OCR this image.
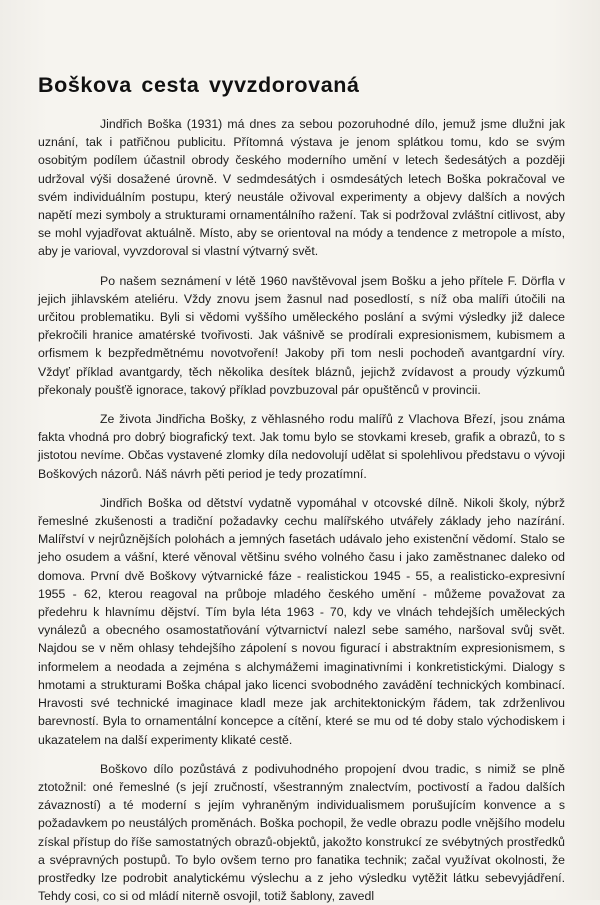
Boškova cesta vyvzdorovaná

Jindřich Boška (1931) má dnes za sebou pozoruhodné dílo, jemuž jsme dlužni jak uznání, tak i patřičnou publicitu. Přítomná výstava je jenom splátkou tomu, kdo se svým osobitým podílem účastnil obrody českého moderního umění v letech šedesátých a později udržoval výši dosažené úrovně. V sedmdesátých i osmdesátých letech Boška pokračoval ve svém individuálním postupu, který neustále oživoval experimenty a objevy dalších a nových napětí mezi symboly a strukturami ornamentálního ražení. Tak si podržoval zvláštní citlivost, aby se mohl vyjadřovat aktuálně. Místo, aby se orientoval na módy a tendence z metropole a místo, aby je varioval, vyvzdoroval si vlastní výtvarný svět.

Po našem seznámení v létě 1960 navštěvoval jsem Bošku a jeho přítele F. Dörfla v jejich jihlavském ateliéru. Vždy znovu jsem žasnul nad posedlostí, s níž oba malíři útočili na určitou problematiku. Byli si vědomi vyššího uměleckého poslání a svými výsledky již dalece překročili hranice amatérské tvořivosti. Jak vášnivě se prodírali expresionismem, kubismem a orfismem k bezpředmětnému novotvoření! Jakoby při tom nesli pochodeň avantgardní víry. Vždyť příklad avantgardy, těch několika desítek bláznů, jejichž zvídavost a proudy výzkumů překonaly poušťě ignorace, takový příklad povzbuzoval pár opuštěnců v provincii.

Ze života Jindřicha Bošky, z věhlasného rodu malířů z Vlachova Březí, jsou známa fakta vhodná pro dobrý biografický text. Jak tomu bylo se stovkami kreseb, grafik a obrazů, to s jistotou nevíme. Občas vystavené zlomky díla nedovolují udělat si spolehlivou představu o vývoji Boškových názorů. Náš návrh pěti period je tedy prozatímní.

Jindřich Boška od dětství vydatně vypomáhal v otcovské dílně. Nikoli školy, nýbrž řemeslné zkušenosti a tradiční požadavky cechu malířského utvářely základy jeho nazírání. Malířství v nejrůznějších polohách a jemných fasetách udávalo jeho existenční vědomí. Stalo se jeho osudem a vášní, které věnoval většinu svého volného času i jako zaměstnanec daleko od domova. První dvě Boškovy výtvarnické fáze - realistickou 1945 - 55, a realisticko-expresivní 1955 - 62, kterou reagoval na průboje mladého českého umění - můžeme považovat za předehru k hlavnímu dějství. Tím byla léta 1963 - 70, kdy ve vlnách tehdejších uměleckých vynálezů a obecného osamostatňování výtvarnictví nalezl sebe samého, naršoval svůj svět. Najdou se v něm ohlasy tehdejšího zápolení s novou figurací i abstraktním expresionismem, s informelem a neodada a zejména s alchymážemi imaginativními i konkretistickými. Dialogy s hmotami a strukturami Boška chápal jako licenci svobodného zavádění technických kombinací. Hravosti své technické imaginace kladl meze jak architektonickým řádem, tak zdrženlivou barevností. Byla to ornamentální koncepce a cítění, které se mu od té doby stalo východiskem i ukazatelem na další experimenty klikaté cestě.

Boškovo dílo pozůstává z podivuhodného propojení dvou tradic, s nimiž se plně ztotožnil: oné řemeslné (s její zručností, všestranným znalectvím, poctivostí a řadou dalších závazností) a té moderní s jejím vyhraněným individualismem porušujícím konvence a s požadavkem po neustálých proměnách. Boška pochopil, že vedle obrazu podle vnějšího modelu získal přístup do říše samostatných obrazů-objektů, jakožto konstrukcí ze svébytných prostředků a svépravných postupů. To bylo ovšem terno pro fanatika technik; začal využívat okolnosti, že prostředky lze podrobit analytickému výslechu a z jeho výsledku vytěžit látku sebevyjádření. Tehdy cosi, co si od mládí niterně osvojil, totiž šablony, zavedl
